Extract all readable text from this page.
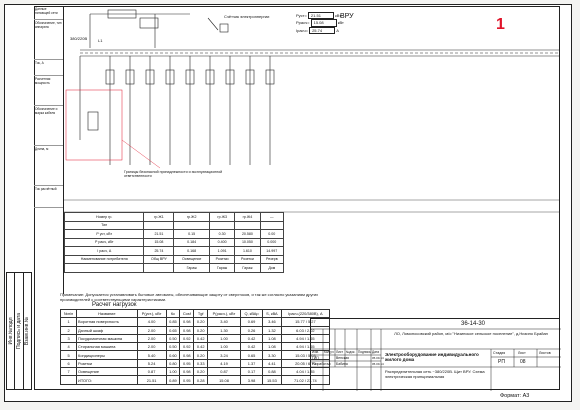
Инв.№подл Подпись и дата Взам.инв.№
Данные питающей сети
Обозначение, тип аппарата
Ток, А
Расчетная мощность
Обозначение и марка кабеля
Длина, м
Ток расчётный
380/220В	L1
Счётчик электроэнергии	Pуст= 21.51	кВт
Pрасч= 15.08	кВт
Iрасч= 25.74	А
ВРУ	1
Границы безопасной принадлежности и эксплуатационной ответственности
Номер гр.	гр.Ж1	гр.Ж2	гр.Ж3	гр.Ж4	—
Тип					
P уст, кВт	21.51	0.15	0.30	20.580	0.00
P расч, кВт	15.08	0.184	0.400	10.050	0.000
I расч, А	25.74	0.168	1.091	1.610	14.997
Наименование потребителя	Общ ВРУ	Освещение	Розетки	Розетки	Резерв
		Гараж	Гараж	Гараж	Дом
Примечание: Допускается устанавливать бытовые автоматы, обеспечивающие защиту от сверхтоков, и так же согласно указаниям других производителей с соответствующими характеристиками.
Расчет нагрузок
№п/п	Название	P(уст.), кВт	Кс	Cosf	Tgf	P(расч.), кВт	Q, кВАр	S, кВА	Iрасч.(220/380В), А
1	Воротная поверхность	4.00	0.85	0.98	0.20	3.40	0.69	3.46	15.77 / 5.27
2	Дачный шкаф	2.00	0.65	0.98	0.20	1.30	0.26	1.32	6.03 / 2.02
3	Посудомоечная машина	2.00	0.50	0.92	0.42	1.00	0.42	1.08	4.94 / 1.65
4	Стиральная машина	2.00	0.50	0.92	0.42	1.00	0.42	1.08	4.94 / 1.65
5	Кондиционеры	5.40	0.60	0.98	0.20	3.24	0.65	3.30	15.03 / 5.03
6	Розетки	5.24	0.80	0.95	0.33	4.19	1.37	4.41	20.05 / 6.70
7	Освещение	0.87	1.00	0.98	0.20	0.87	0.17	0.88	4.04 / 1.35
	ИТОГО:	21.51	0.89	0.95	0.28	15.08	3.98	15.53	71.02 / 23.74
36-14-30
ЛО, Ломоносовский район, м/о "Низинское сельское поселение", д.Низино Брайан
Изм. Кол.уч Лист №док. Подпись Дата
ГИП	Венская	05.09.14
Разработал Бабина	05.09.14
Электрооборудование индивидуального жилого дома
Стадия	Лист	Листов
РП	08
Распределительная сеть ~380/220В. Щит ВРУ. Схема электрическая принципиальная
Формат: А3
